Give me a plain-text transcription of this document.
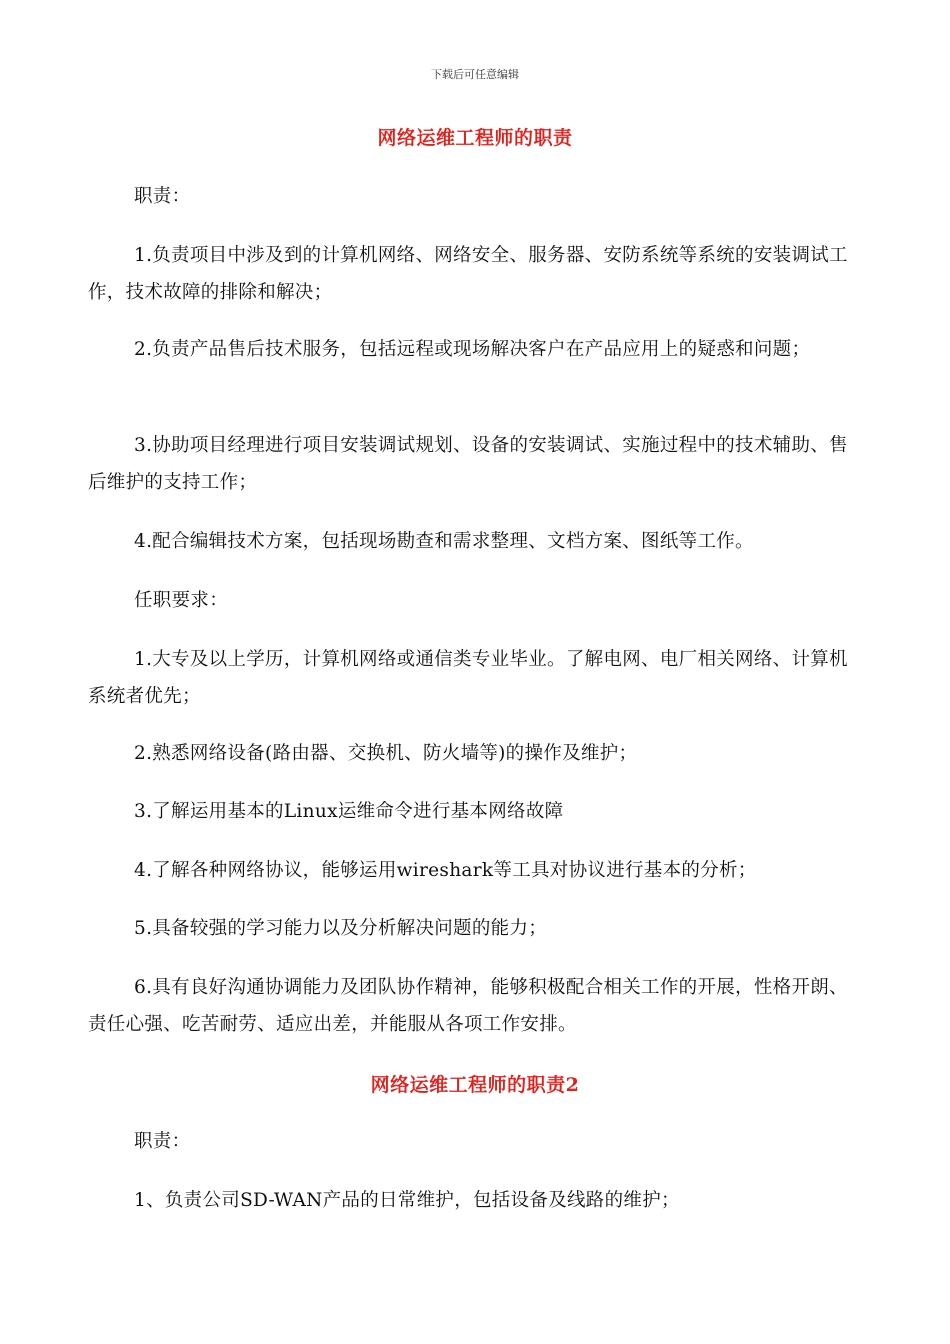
下载后可任意编辑
网络运维工程师的职责
职责：
1.负责项目中涉及到的计算机网络、网络安全、服务器、安防系统等系统的安装调试工作，技术故障的排除和解决；
2.负责产品售后技术服务，包括远程或现场解决客户在产品应用上的疑惑和问题；
3.协助项目经理进行项目安装调试规划、设备的安装调试、实施过程中的技术辅助、售后维护的支持工作；
4.配合编辑技术方案，包括现场勘查和需求整理、文档方案、图纸等工作。
任职要求：
1.大专及以上学历，计算机网络或通信类专业毕业。了解电网、电厂相关网络、计算机系统者优先；
2.熟悉网络设备(路由器、交换机、防火墙等)的操作及维护；
3.了解运用基本的Linux运维命令进行基本网络故障
4.了解各种网络协议，能够运用wireshark等工具对协议进行基本的分析；
5.具备较强的学习能力以及分析解决问题的能力；
6.具有良好沟通协调能力及团队协作精神，能够积极配合相关工作的开展，性格开朗、责任心强、吃苦耐劳、适应出差，并能服从各项工作安排。
网络运维工程师的职责2
职责：
1、负责公司SD-WAN产品的日常维护，包括设备及线路的维护；
